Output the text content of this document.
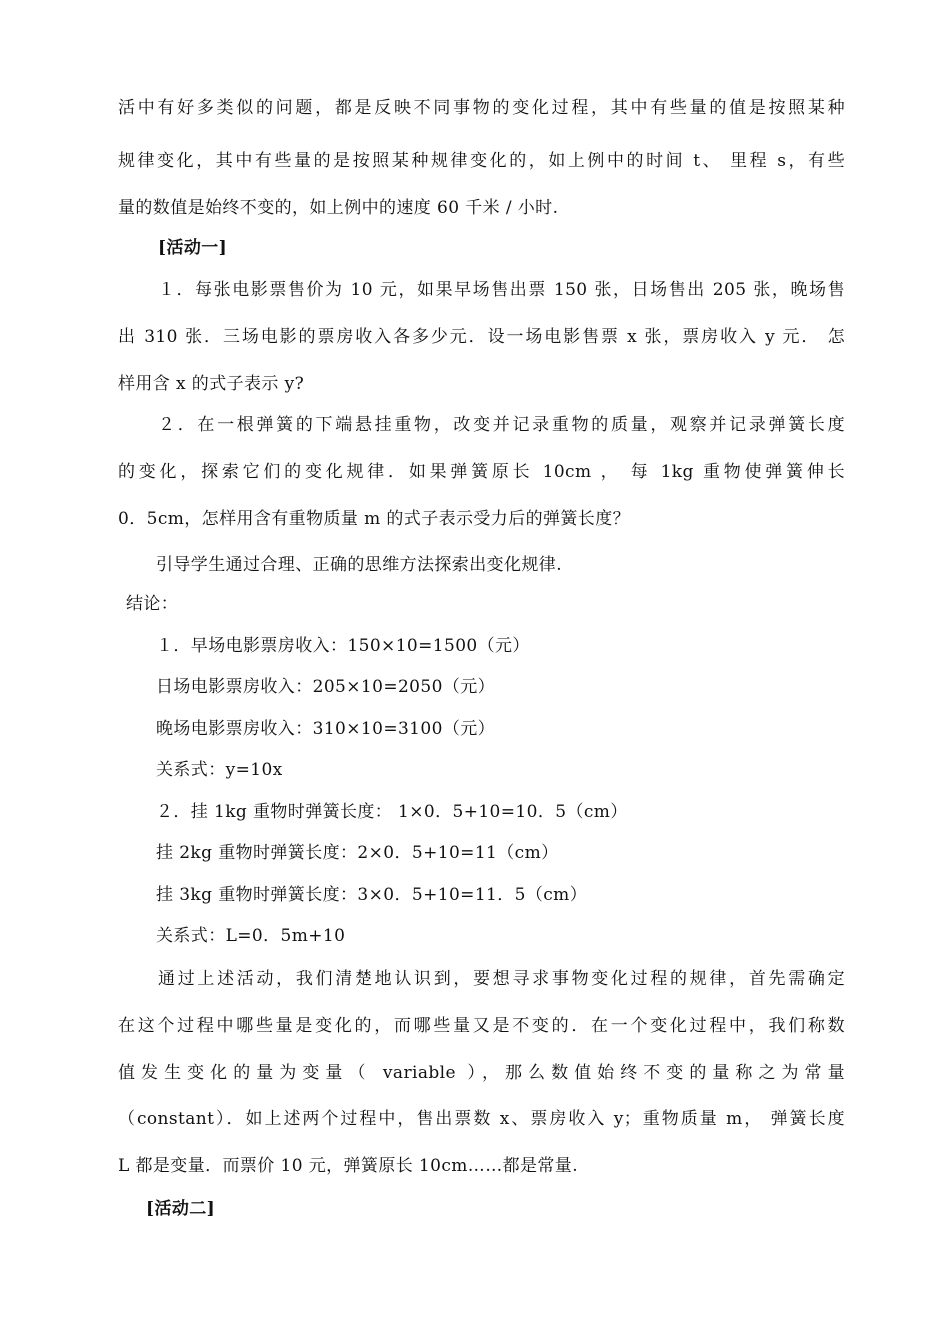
活中有好多类似的问题，都是反映不同事物的变化过程，其中有些量的值是按照某种
规律变化，其中有些量的是按照某种规律变化的，如上例中的时间 t、 里程 s，有些
量的数值是始终不变的，如上例中的速度 60 千米 / 小时.
[活动一]
１．每张电影票售价为 10 元，如果早场售出票 150 张，日场售出 205 张，晚场售
出 310 张．三场电影的票房收入各多少元．设一场电影售票 x 张，票房收入 y 元． 怎
样用含 x 的式子表示 y?
２．在一根弹簧的下端悬挂重物，改变并记录重物的质量，观察并记录弹簧长度
的变化，探索它们的变化规律．如果弹簧原长 10cm ， 每 1kg 重物使弹簧伸长
0．5cm，怎样用含有重物质量 m 的式子表示受力后的弹簧长度？
引导学生通过合理、正确的思维方法探索出变化规律.
结论：
１．早场电影票房收入：150×10=1500（元）
日场电影票房收入：205×10=2050（元）
晚场电影票房收入：310×10=3100（元）
关系式：y=10x
２．挂 1kg 重物时弹簧长度： 1×0．5+10=10．5（cm）
挂 2kg 重物时弹簧长度：2×0．5+10=11（cm）
挂 3kg 重物时弹簧长度：3×0．5+10=11．5（cm）
关系式：L=0．5m+10
通过上述活动，我们清楚地认识到，要想寻求事物变化过程的规律，首先需确定
在这个过程中哪些量是变化的，而哪些量又是不变的．在一个变化过程中，我们称数
值发生变化的量为变量（ variable ），那么数值始终不变的量称之为常量
（constant）．如上述两个过程中，售出票数 x、票房收入 y；重物质量 m， 弹簧长度
L 都是变量．而票价 10 元，弹簧原长 10cm……都是常量.
[活动二]
